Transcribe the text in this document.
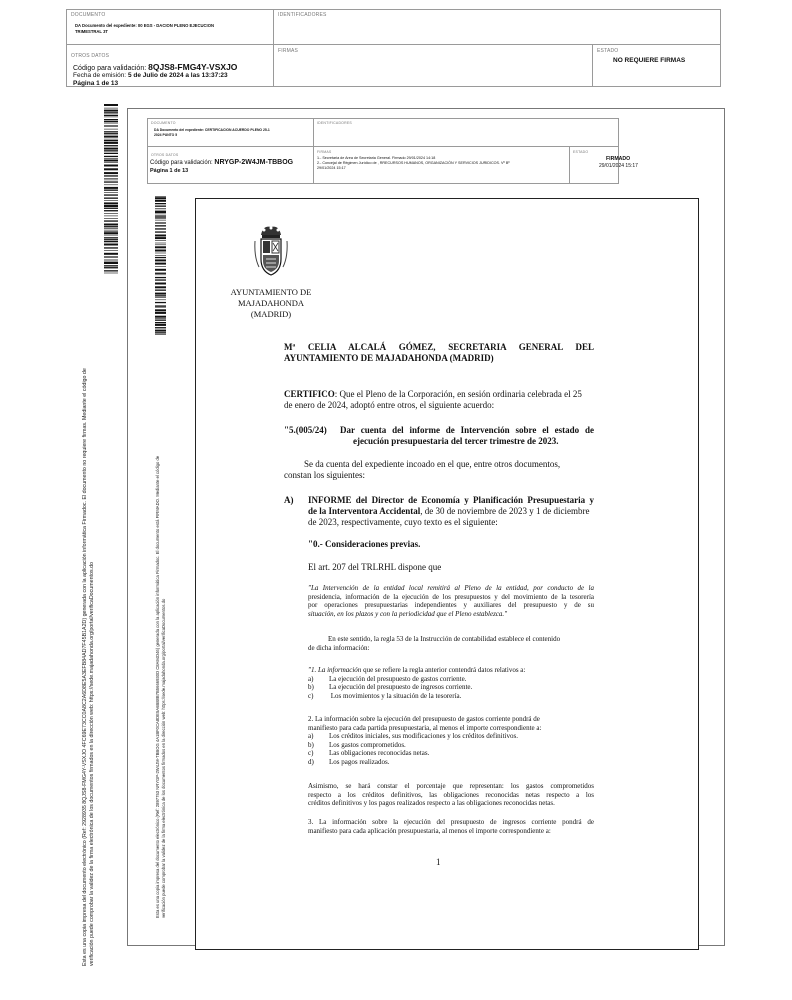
DOCUMENTO
DA Documento del expediente: 00 EGS - DACION PLENO EJECUCION
TRIMESTRAL 3T
IDENTIFICADORES
OTROS DATOS
Código para validación: 8QJS8-FMG4Y-VSXJO
Fecha de emisión: 5 de Julio de 2024 a las 13:37:23
Página 1 de 13
FIRMAS	ESTADO
NO REQUIERE FIRMAS
Esta es una copia impresa del documento electrónico (Ref: 2928935 8QJS8-FMG4Y-VSXJO 4FC69E73CC0A8C2A6D8E5A3EFB84AD7F45B1A2D) generada con la aplicación informática Firmadoc. El documento no requiere firmas. Mediante el código de verificación puede comprobar la validez de la firma electrónica de los documentos firmados en la dirección web: https://sede.majadahonda.org/portal/verificaDocumentos.do
DOCUMENTO
DA Documento del expediente: CERTIFICACION ACUERDO PLENO 25-1
2024 PUNTO 5
IDENTIFICADORES
OTROS DATOS
Código para validación: NRYGP-2W4JM-TBBOG
Página 1 de 13
FIRMAS
1.- Secretaria de Area de Secretaria General. Firmado 29/01/2024 14:18
2.- Concejal de Régimen Jurídico de , RRECURSOS HUMANOS, ORGANIZACIÓN Y SERVICIOS JURIDICOS. Vº Bº
29/01/2024 15:17
ESTADO
FIRMADO
29/01/2024 15:17
Esta es una copia impresa del documento electrónico (Ref: 2897753 NRYGP-2W4JM-TBBOG 4A1BF0CA8DE5A6B88B7B5666930D C8A94D46) generada con la aplicación informática Firmadoc. El documento está FIRMADO. Mediante el código de verificación puede comprobar la validez de la firma electrónica de los documentos firmados en la dirección web: https://sede.majadahonda.org/portal/verificaDocumentos.do
AYUNTAMIENTO DE
MAJADAHONDA
(MADRID)
Mª CELIA ALCALÁ GÓMEZ, SECRETARIA GENERAL DEL
AYUNTAMIENTO DE MAJADAHONDA (MADRID)
CERTIFICO: Que el Pleno de la Corporación, en sesión ordinaria celebrada el 25
de enero de 2024, adoptó entre otros, el siguiente acuerdo:
"5.(005/24) Dar cuenta del informe de Intervención sobre el estado de
ejecución presupuestaria del tercer trimestre de 2023.
Se da cuenta del expediente incoado en el que, entre otros documentos,
constan los siguientes:
A) INFORME del Director de Economía y Planificación Presupuestaria y
de la Interventora Accidental, de 30 de noviembre de 2023 y 1 de diciembre
de 2023, respectivamente, cuyo texto es el siguiente:
"0.- Consideraciones previas.
El art. 207 del TRLRHL dispone que
"La Intervención de la entidad local remitirá al Pleno de la entidad, por conducto de la
presidencia, información de la ejecución de los presupuestos y del movimiento de la tesorería
por operaciones presupuestarias independientes y auxiliares del presupuesto y de su
situación, en los plazos y con la periodicidad que el Pleno establezca."
En este sentido, la regla 53 de la Instrucción de contabilidad establece el contenido
de dicha información:
"1. La información que se refiere la regla anterior contendrá datos relativos a:
a) La ejecución del presupuesto de gastos corriente.
b) La ejecución del presupuesto de ingresos corriente.
c) Los movimientos y la situación de la tesorería.
2. La información sobre la ejecución del presupuesto de gastos corriente pondrá de
manifiesto para cada partida presupuestaria, al menos el importe correspondiente a:
a) Los créditos iniciales, sus modificaciones y los créditos definitivos.
b) Los gastos comprometidos.
c) Las obligaciones reconocidas netas.
d) Los pagos realizados.
Asimismo, se hará constar el porcentaje que representan: los gastos comprometidos
respecto a los créditos definitivos, las obligaciones reconocidas netas respecto a los
créditos definitivos y los pagos realizados respecto a las obligaciones reconocidas netas.
3. La información sobre la ejecución del presupuesto de ingresos corriente pondrá de
manifiesto para cada aplicación presupuestaria, al menos el importe correspondiente a:
1
